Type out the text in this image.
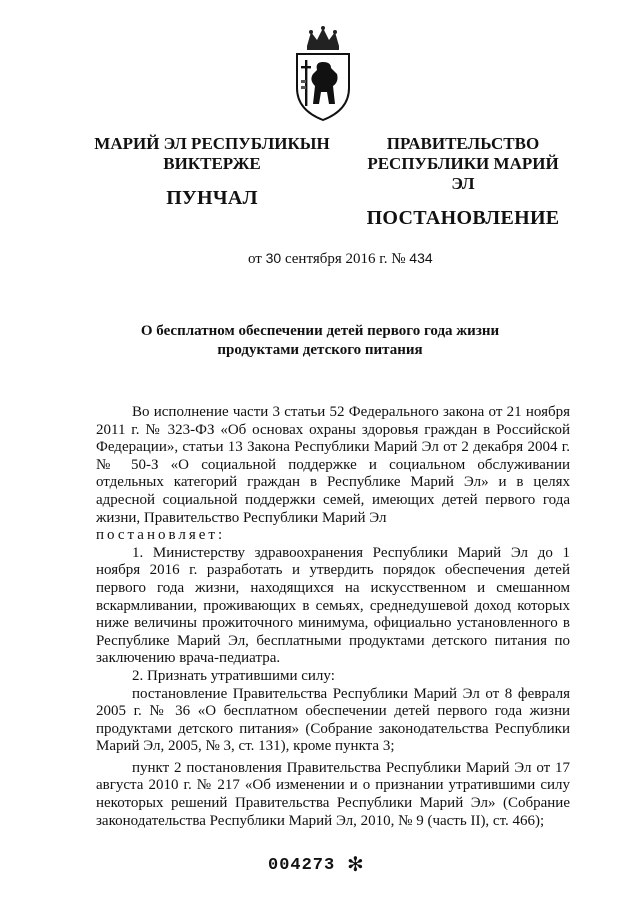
МАРИЙ ЭЛ РЕСПУБЛИКЫН
ВИКТЕРЖЕ
ПУНЧАЛ
ПРАВИТЕЛЬСТВО
РЕСПУБЛИКИ МАРИЙ ЭЛ
ПОСТАНОВЛЕНИЕ
от 30 сентября 2016 г. № 434
О бесплатном обеспечении детей первого года жизни
продуктами детского питания

Во исполнение части 3 статьи 52 Федерального закона от 21 ноября 2011 г. № 323-ФЗ «Об основах охраны здоровья граждан в Российской Федерации», статьи 13 Закона Республики Марий Эл от 2 декабря 2004 г. № 50-З «О социальной поддержке и социальном обслуживании отдельных категорий граждан в Республике Марий Эл» и в целях адресной социальной поддержки семей, имеющих детей первого года жизни, Правительство Республики Марий Эл

постановляет:

1. Министерству здравоохранения Республики Марий Эл до 1 ноября 2016 г. разработать и утвердить порядок обеспечения детей первого года жизни, находящихся на искусственном и смешанном вскармливании, проживающих в семьях, среднедушевой доход которых ниже величины прожиточного минимума, официально установленного в Республике Марий Эл, бесплатными продуктами детского питания по заключению врача-педиатра.

2. Признать утратившими силу:

постановление Правительства Республики Марий Эл от 8 февраля 2005 г. № 36 «О бесплатном обеспечении детей первого года жизни продуктами детского питания» (Собрание законодательства Республики Марий Эл, 2005, № 3, ст. 131), кроме пункта 3;

пункт 2 постановления Правительства Республики Марий Эл от 17 августа 2010 г. № 217 «Об изменении и о признании утратившими силу некоторых решений Правительства Республики Марий Эл» (Собрание законодательства Республики Марий Эл, 2010, № 9 (часть II), ст. 466);

004273 ✻
